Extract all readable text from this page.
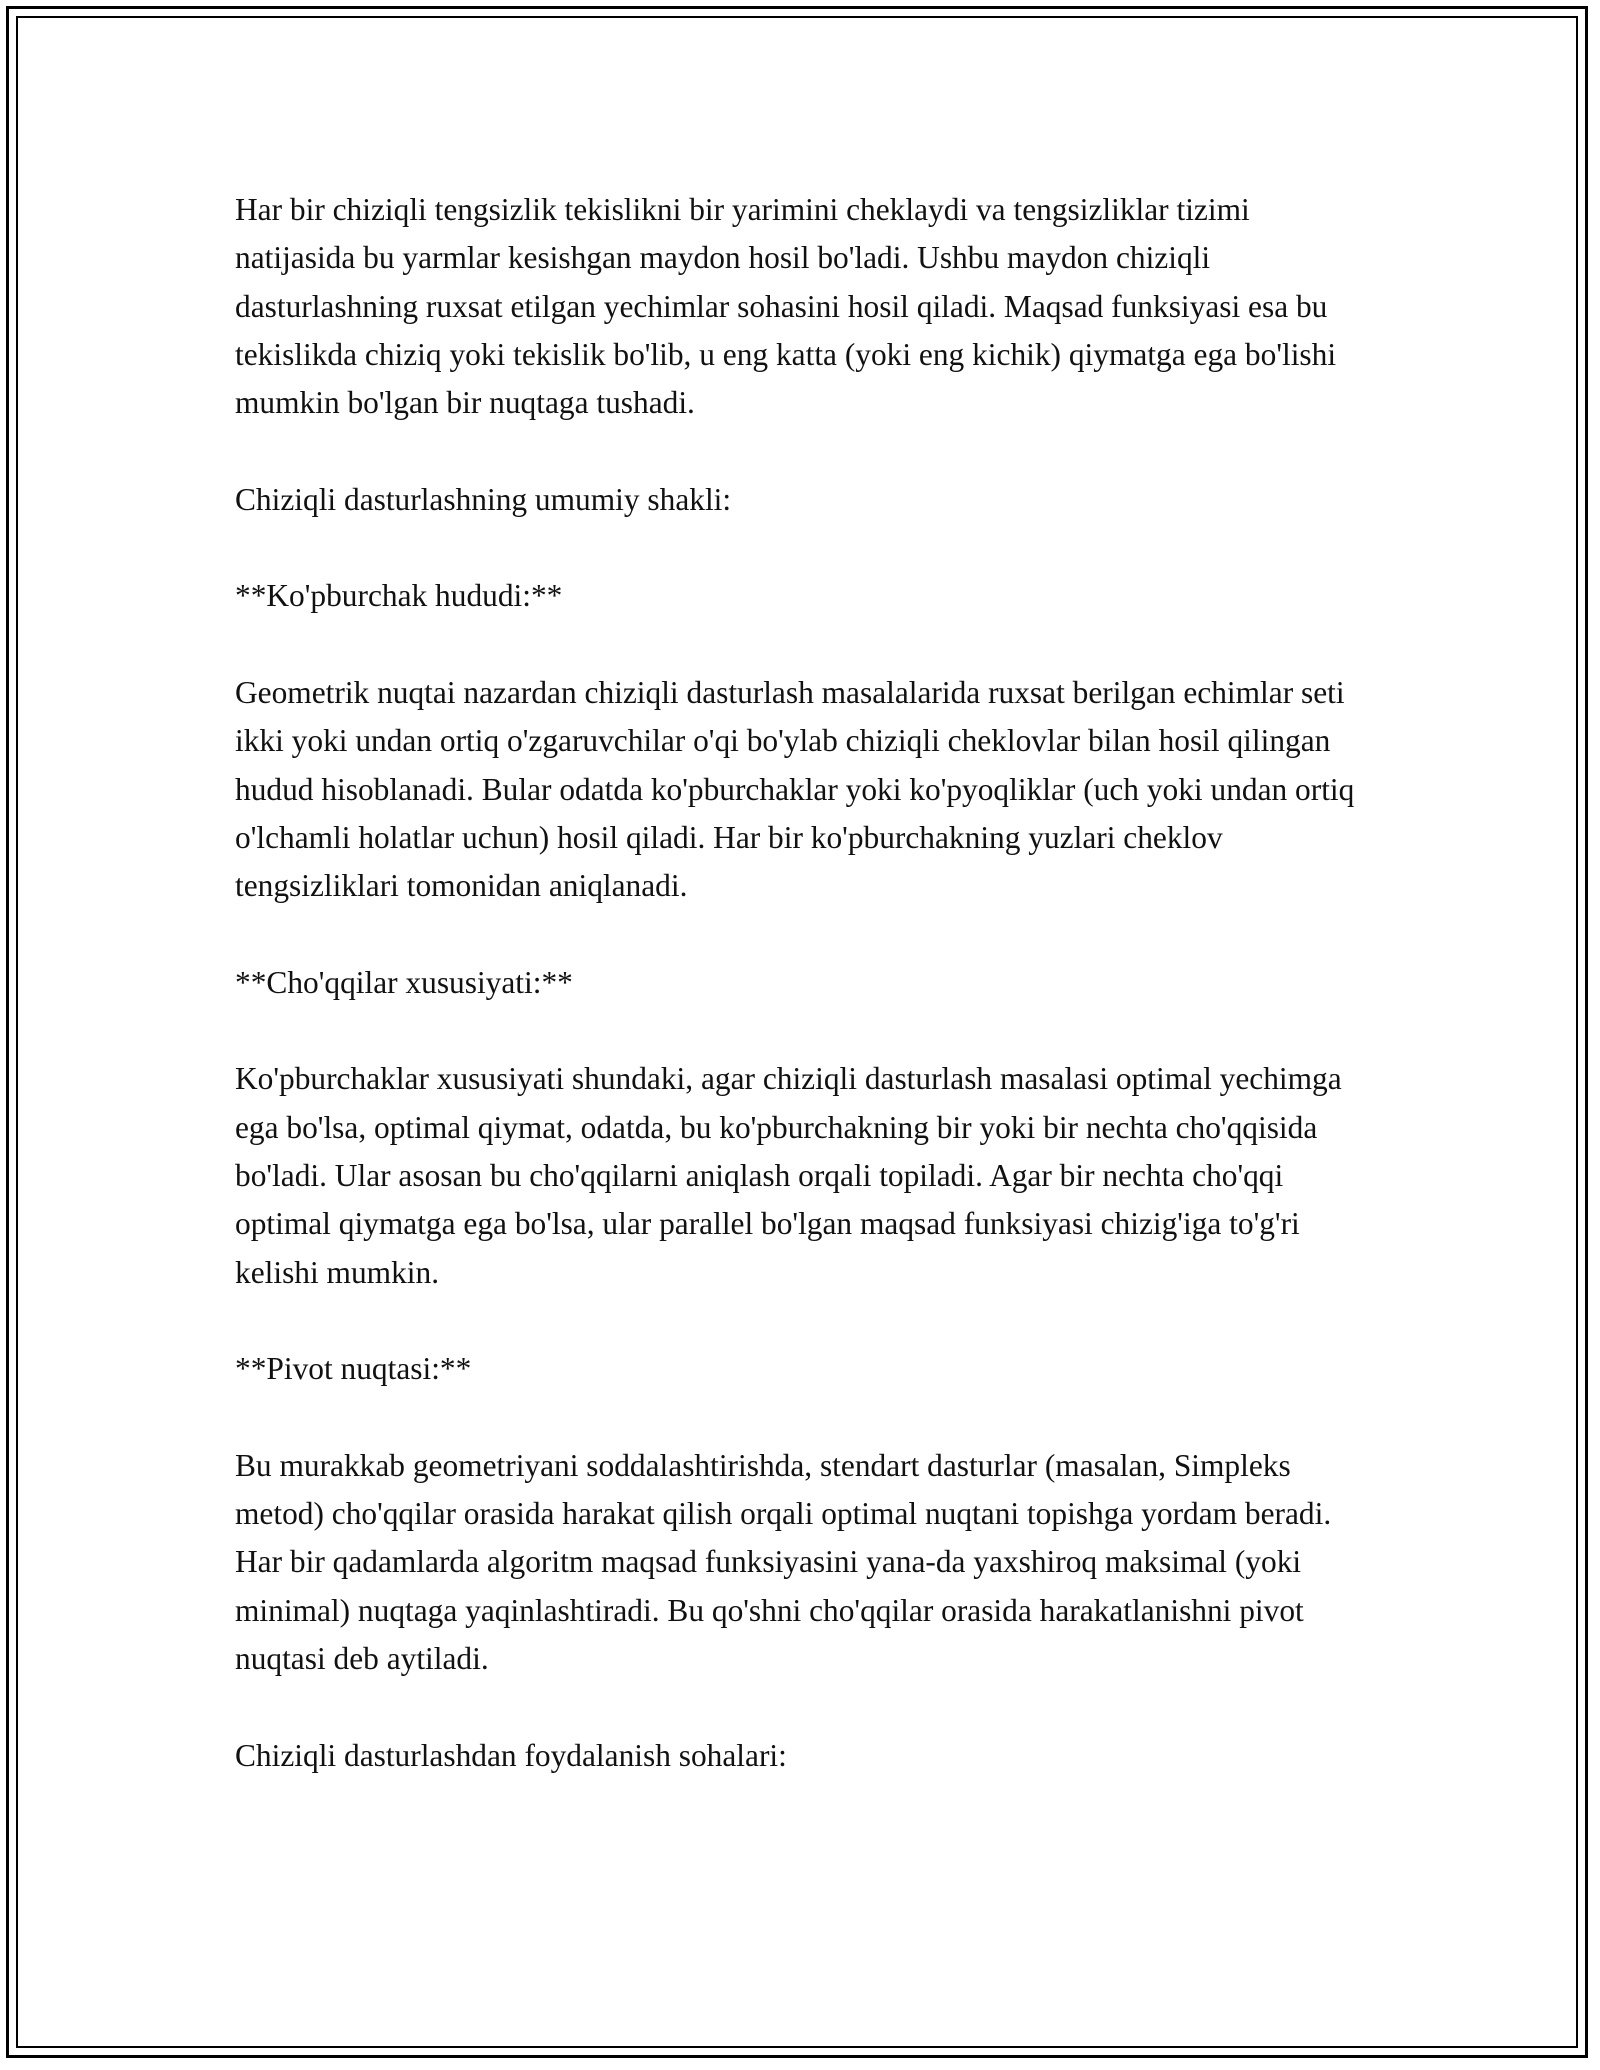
Har bir chiziqli tengsizlik tekislikni bir yarimini cheklaydi va tengsizliklar tizimi natijasida bu yarmlar kesishgan maydon hosil bo'ladi. Ushbu maydon chiziqli dasturlashning ruxsat etilgan yechimlar sohasini hosil qiladi. Maqsad funksiyasi esa bu tekislikda chiziq yoki tekislik bo'lib, u eng katta (yoki eng kichik) qiymatga ega bo'lishi mumkin bo'lgan bir nuqtaga tushadi.

Chiziqli dasturlashning umumiy shakli:

**Ko'pburchak hududi:**

Geometrik nuqtai nazardan chiziqli dasturlash masalalarida ruxsat berilgan echimlar seti ikki yoki undan ortiq o'zgaruvchilar o'qi bo'ylab chiziqli cheklovlar bilan hosil qilingan hudud hisoblanadi. Bular odatda ko'pburchaklar yoki ko'pyoqliklar (uch yoki undan ortiq o'lchamli holatlar uchun) hosil qiladi. Har bir ko'pburchakning yuzlari cheklov tengsizliklari tomonidan aniqlanadi.

**Cho'qqilar xususiyati:**

Ko'pburchaklar xususiyati shundaki, agar chiziqli dasturlash masalasi optimal yechimga ega bo'lsa, optimal qiymat, odatda, bu ko'pburchakning bir yoki bir nechta cho'qqisida bo'ladi. Ular asosan bu cho'qqilarni aniqlash orqali topiladi. Agar bir nechta cho'qqi optimal qiymatga ega bo'lsa, ular parallel bo'lgan maqsad funksiyasi chizig'iga to'g'ri kelishi mumkin.

**Pivot nuqtasi:**

Bu murakkab geometriyani soddalashtirishda, stendart dasturlar (masalan, Simpleks metod) cho'qqilar orasida harakat qilish orqali optimal nuqtani topishga yordam beradi. Har bir qadamlarda algoritm maqsad funksiyasini yana-da yaxshiroq maksimal (yoki minimal) nuqtaga yaqinlashtiradi. Bu qo'shni cho'qqilar orasida harakatlanishni pivot nuqtasi deb aytiladi.

Chiziqli dasturlashdan foydalanish sohalari:
